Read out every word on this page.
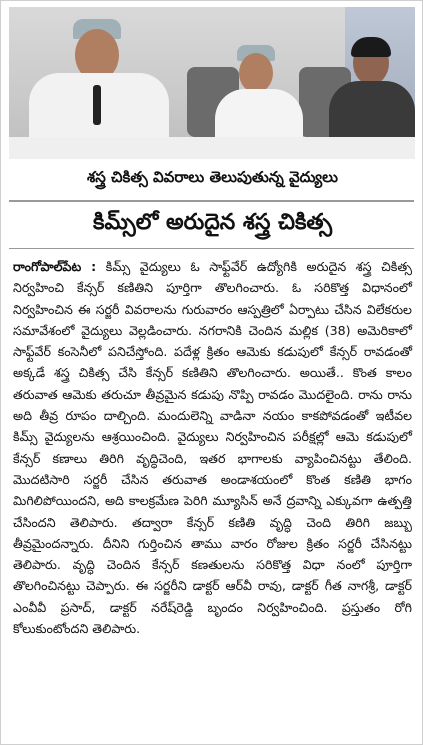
శస్త్ర చికిత్స వివరాలు తెలుపుతున్న వైద్యులు
కిమ్స్‌లో అరుదైన శస్త్ర చికిత్స

రాంగోపాల్‌పేట : కిమ్స్ వైద్యులు ఓ సాఫ్ట్‌వేర్ ఉద్యోగికి అరుదైన శస్త్ర చికిత్స నిర్వహించి కేన్సర్ కణితిని పూర్తిగా తొలగించారు. ఓ సరికొత్త విధానంలో నిర్వహించిన ఈ సర్జరీ వివరాలను గురువారం ఆస్పత్రిలో ఏర్పాటు చేసిన విలేకరుల సమావేశంలో వైద్యులు వెల్లడించారు. నగరానికి చెందిన మల్లిక (38) అమెరికాలో సాఫ్ట్‌వేర్ కంసెనీలో పనిచేస్తోంది. పదేళ్ల క్రితం ఆమెకు కడుపులో కేన్సర్ రావడంతో అక్కడే శస్త్ర చికిత్స చేసి కేన్సర్ కణితిని తొలగించారు. అయితే.. కొంత కాలం తరువాత ఆమెకు తరుచూ తీవ్రమైన కడుపు నొప్పి రావడం మొదలైంది. రాను రాను అది తీవ్ర రూపం దాల్చింది. మందులెన్ని వాడినా నయం కాకపోవడంతో ఇటీవల కిమ్స్ వైద్యులను ఆశ్రయించింది. వైద్యులు నిర్వహించిన పరీక్షల్లో ఆమె కడుపులో కేన్సర్ కణాలు తిరిగి వృద్ధిచెంది, ఇతర భాగాలకు వ్యాపించినట్టు తేలింది. మొదటిసారి సర్జరీ చేసిన తరువాత అండాశయంలో కొంత కణితి భాగం మిగిలిపోయిందని, అది కాలక్రమేణ పెరిగి మ్యూసిన్ అనే ద్రవాన్ని ఎక్కువగా ఉత్పత్తి చేసిందని తెలిపారు. తద్వారా కేన్సర్ కణితి వృద్ధి చెంది తిరిగి జబ్బు తీవ్రమైందన్నారు. దీనిని గుర్తించిన తాము వారం రోజుల క్రితం సర్జరీ చేసినట్టు తెలిపారు. వృద్ధి చెందిన కేన్సర్ కణతులను సరికొత్త విధా నంలో పూర్తిగా తొలగించినట్టు చెప్పారు. ఈ సర్జరీని డాక్టర్ ఆర్‌వీ రావు, డాక్టర్ గీత నాగశ్రీ, డాక్టర్ ఎంవీవీ ప్రసాద్, డాక్టర్ నరేష్‌రెడ్డి బృందం నిర్వహించింది. ప్రస్తుతం రోగి కోలుకుంటోందని తెలిపారు.
